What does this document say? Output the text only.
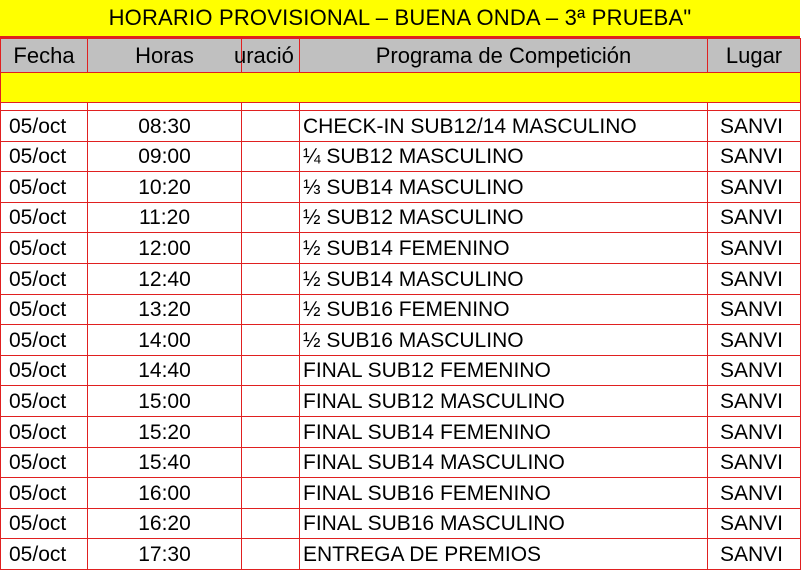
HORARIO PROVISIONAL – BUENA ONDA – 3ª PRUEBA"
Fecha	Horas	uració	Programa de Competición	Lugar

05/oct	08:30		CHECK-IN SUB12/14 MASCULINO	SANVI
05/oct	09:00		¼ SUB12 MASCULINO	SANVI
05/oct	10:20		⅓ SUB14 MASCULINO	SANVI
05/oct	11:20		½ SUB12 MASCULINO	SANVI
05/oct	12:00		½ SUB14 FEMENINO	SANVI
05/oct	12:40		½ SUB14 MASCULINO	SANVI
05/oct	13:20		½ SUB16 FEMENINO	SANVI
05/oct	14:00		½ SUB16 MASCULINO	SANVI
05/oct	14:40		FINAL SUB12 FEMENINO	SANVI
05/oct	15:00		FINAL SUB12 MASCULINO	SANVI
05/oct	15:20		FINAL SUB14 FEMENINO	SANVI
05/oct	15:40		FINAL SUB14 MASCULINO	SANVI
05/oct	16:00		FINAL SUB16 FEMENINO	SANVI
05/oct	16:20		FINAL SUB16 MASCULINO	SANVI
05/oct	17:30		ENTREGA DE PREMIOS	SANVI
